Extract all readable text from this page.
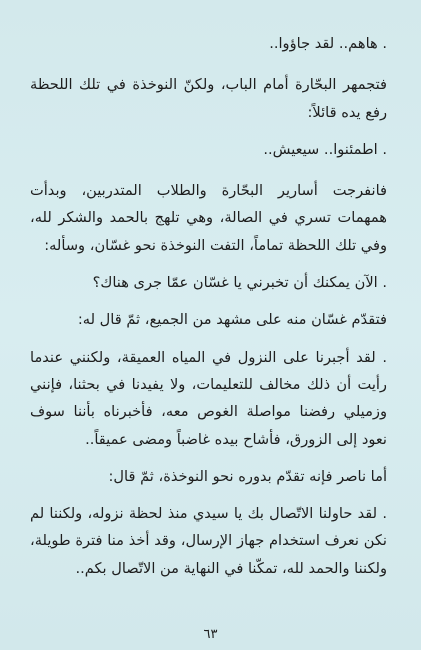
. هاهم.. لقد جاؤوا..

فتجمهر البحّارة أمام الباب، ولكنّ النوخذة في تلك اللحظة رفع يده قائلاً:

. اطمئنوا.. سيعيش..

فانفرجت أسارير البحّارة والطلاب المتدربين، وبدأت همهمات تسري في الصالة، وهي تلهج بالحمد والشكر لله، وفي تلك اللحظة تماماً، التفت النوخذة نحو غسّان، وسأله:

. الآن يمكنك أن تخبرني يا غسّان عمّا جرى هناك؟

فتقدّم غسّان منه على مشهد من الجميع، ثمّ قال له:

. لقد أجبرنا على النزول في المياه العميقة، ولكنني عندما رأيت أن ذلك مخالف للتعليمات، ولا يفيدنا في بحثنا، فإنني وزميلي رفضنا مواصلة الغوص معه، فأخبرناه بأننا سوف نعود إلى الزورق، فأشاح بيده غاضباً ومضى عميقاً..

أما ناصر فإنه تقدّم بدوره نحو النوخذة، ثمّ قال:

. لقد حاولنا الاتّصال بك يا سيدي منذ لحظة نزوله، ولكننا لم نكن نعرف استخدام جهاز الإرسال، وقد أخذ منا فترة طويلة، ولكننا والحمد لله، تمكّنا في النهاية من الاتّصال بكم..

٦٣
